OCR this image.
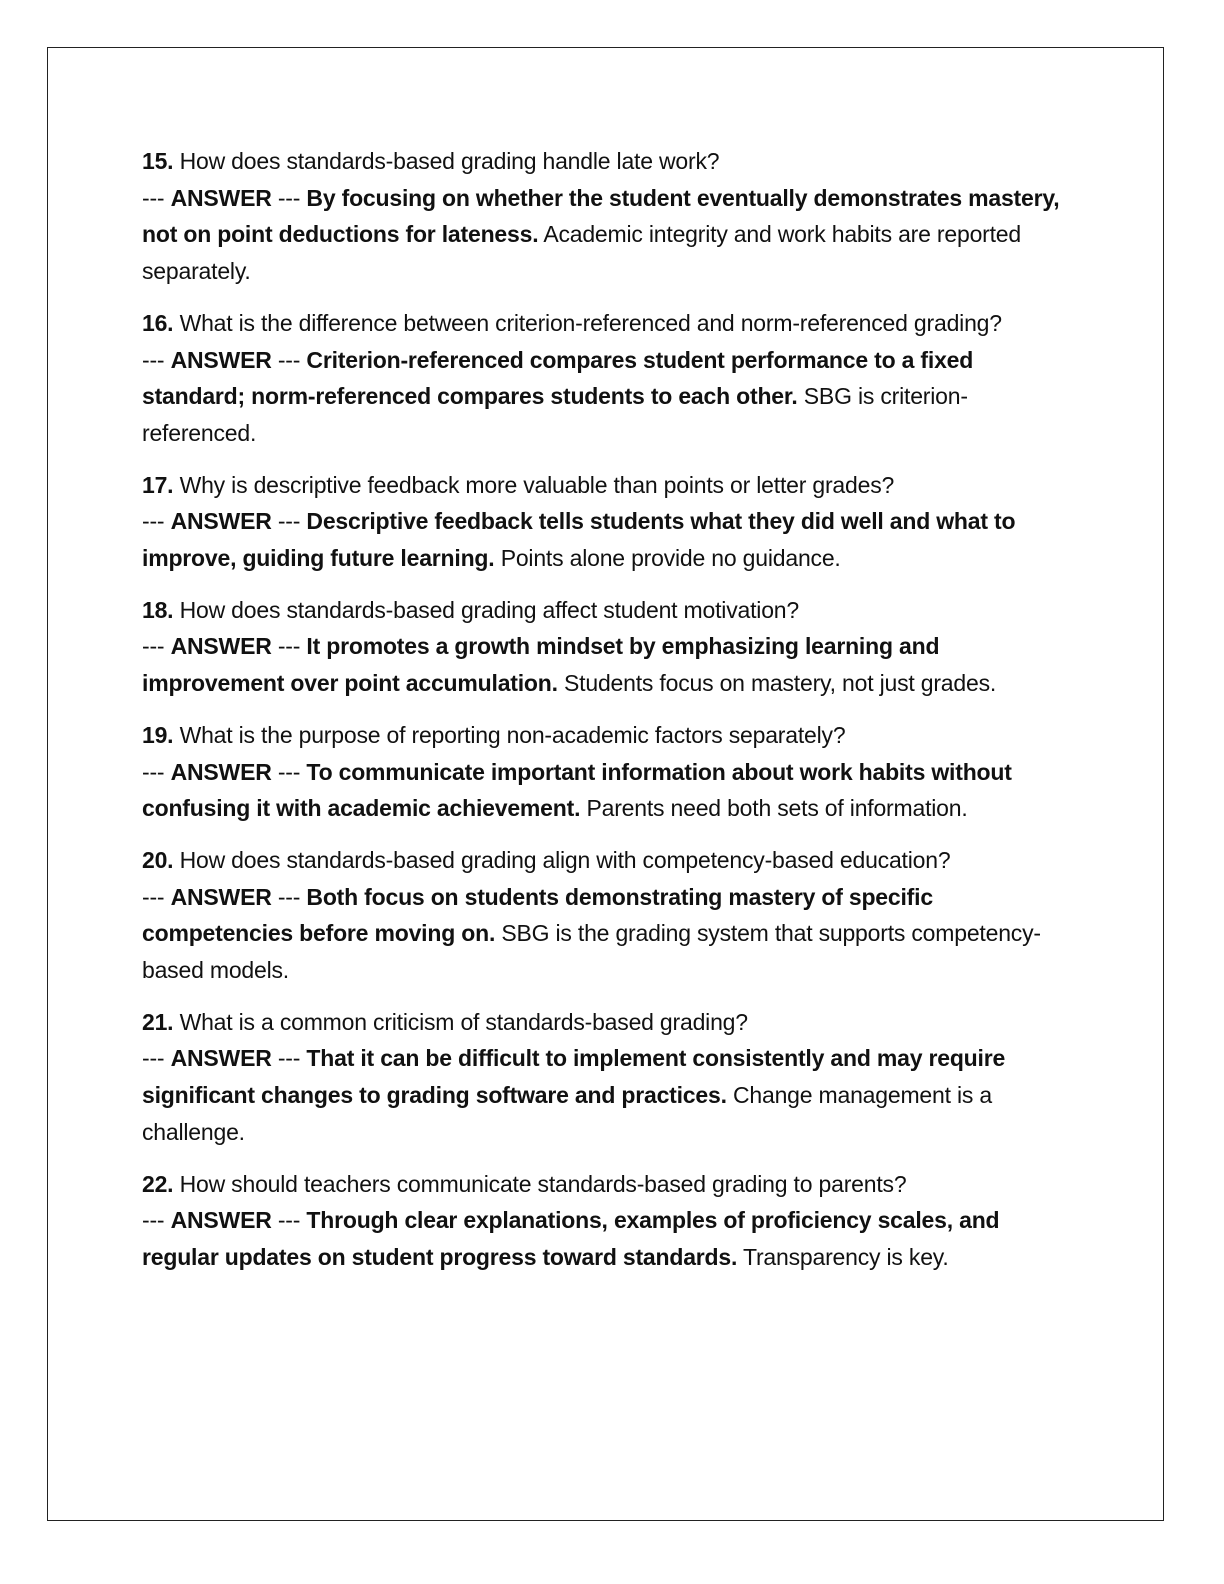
15. How does standards-based grading handle late work?

--- ANSWER --- By focusing on whether the student eventually demonstrates mastery, not on point deductions for lateness. Academic integrity and work habits are reported separately.

16. What is the difference between criterion-referenced and norm-referenced grading?

--- ANSWER --- Criterion-referenced compares student performance to a fixed standard; norm-referenced compares students to each other. SBG is criterion-referenced.

17. Why is descriptive feedback more valuable than points or letter grades?

--- ANSWER --- Descriptive feedback tells students what they did well and what to improve, guiding future learning. Points alone provide no guidance.

18. How does standards-based grading affect student motivation?

--- ANSWER --- It promotes a growth mindset by emphasizing learning and improvement over point accumulation. Students focus on mastery, not just grades.

19. What is the purpose of reporting non-academic factors separately?

--- ANSWER --- To communicate important information about work habits without confusing it with academic achievement. Parents need both sets of information.

20. How does standards-based grading align with competency-based education?

--- ANSWER --- Both focus on students demonstrating mastery of specific competencies before moving on. SBG is the grading system that supports competency-based models.

21. What is a common criticism of standards-based grading?

--- ANSWER --- That it can be difficult to implement consistently and may require significant changes to grading software and practices. Change management is a challenge.

22. How should teachers communicate standards-based grading to parents?

--- ANSWER --- Through clear explanations, examples of proficiency scales, and regular updates on student progress toward standards. Transparency is key.
